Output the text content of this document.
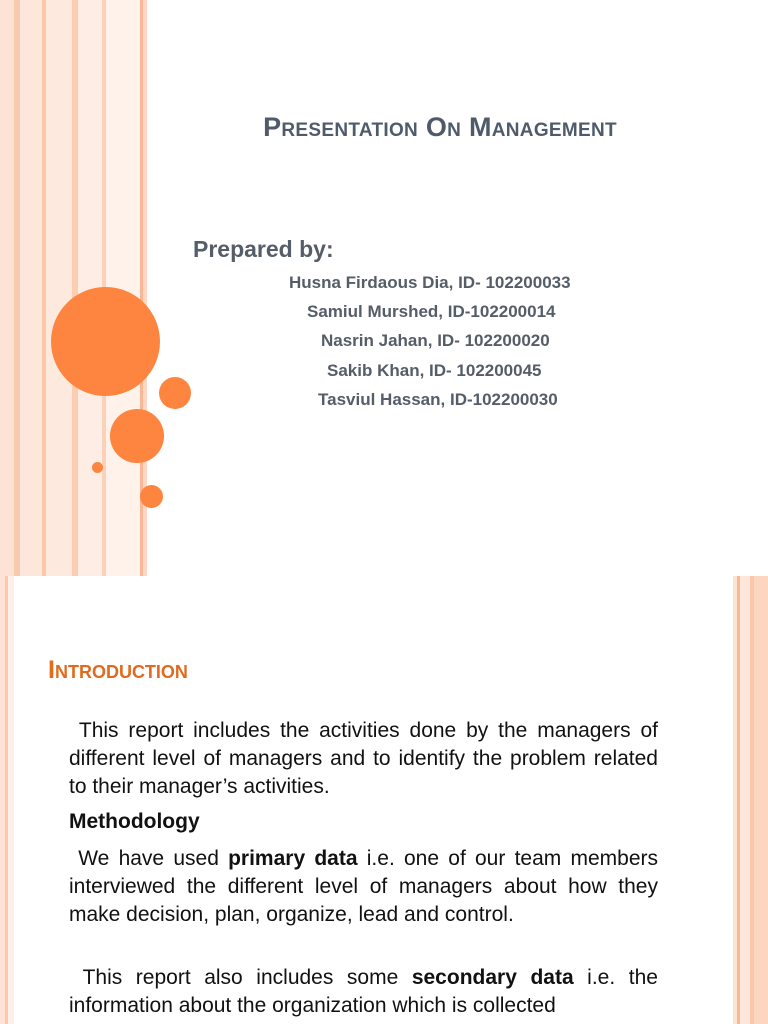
Presentation On Management
Prepared by:
Husna Firdaous Dia, ID- 102200033
Samiul Murshed, ID-102200014
Nasrin Jahan, ID- 102200020
Sakib Khan, ID- 102200045
Tasviul Hassan, ID-102200030
Introduction
This report includes the activities done by the managers of different level of managers and to identify the problem related to their manager’s activities.
Methodology
We have used primary data i.e. one of our team members interviewed the different level of managers about how they make decision, plan, organize, lead and control.
This report also includes some secondary data i.e. the information about the organization which is collected
